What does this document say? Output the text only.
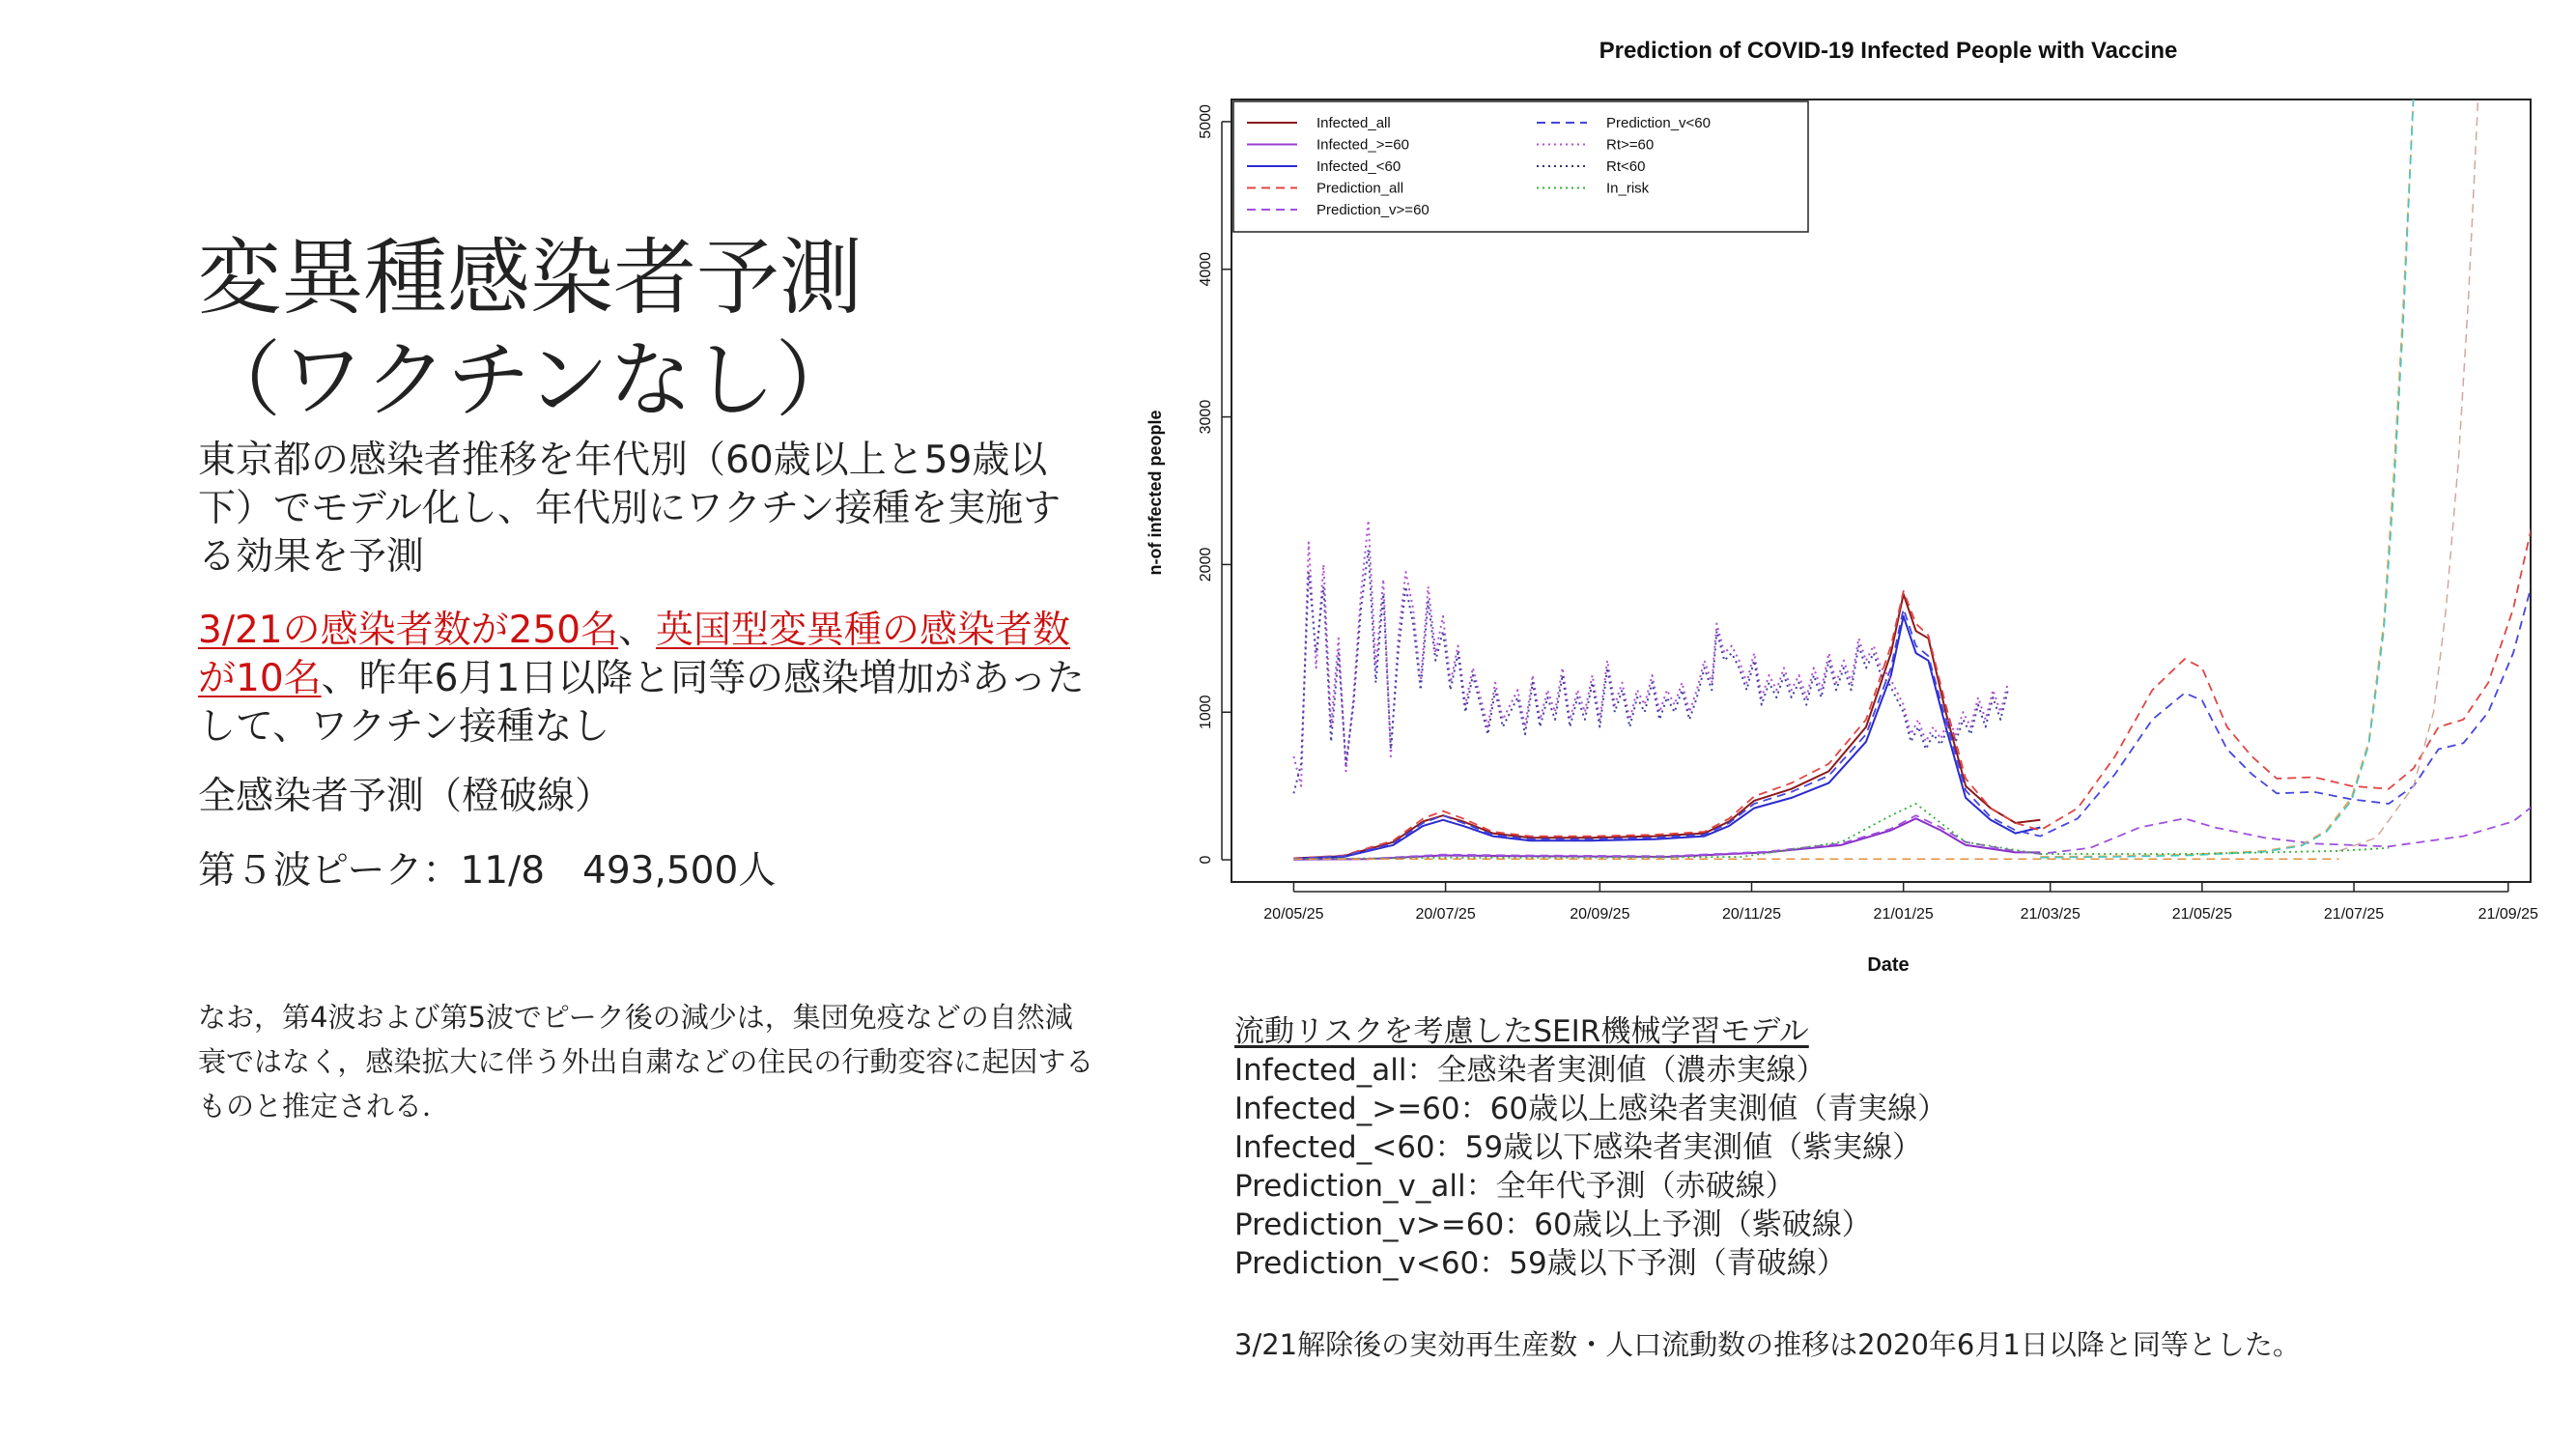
変異種感染者予測
（ワクチンなし）
東京都の感染者推移を年代別（60歳以上と59歳以下）でモデル化し、年代別にワクチン接種を実施する効果を予測
3/21の感染者数が250名、英国型変異種の感染者数が10名、昨年6月1日以降と同等の感染増加があったして、ワクチン接種なし
全感染者予測（橙破線）
第５波ピーク：11/8　493,500人
なお，第4波および第5波でピーク後の減少は，集団免疫などの自然減衰ではなく，感染拡大に伴う外出自粛などの住民の行動変容に起因するものと推定される．
Prediction of COVID-19 Infected People with Vaccine
20/05/25	20/07/25	20/09/25	20/11/25	21/01/25	21/03/25	21/05/25	21/07/25	21/09/25
0
1000
2000
3000
4000
5000	Infected_all
Infected_>=60
Infected_<60
Prediction_all
Prediction_v>=60
Prediction_v<60
Rt>=60
Rt<60
In_risk
Date
n-of infected people
流動リスクを考慮したSEIR機械学習モデル
Infected_all：全感染者実測値（濃赤実線）
Infected_>=60：60歳以上感染者実測値（青実線）
Infected_<60：59歳以下感染者実測値（紫実線）
Prediction_v_all：全年代予測（赤破線）
Prediction_v>=60：60歳以上予測（紫破線）
Prediction_v<60：59歳以下予測（青破線）
3/21解除後の実効再生産数・人口流動数の推移は2020年6月1日以降と同等とした。
